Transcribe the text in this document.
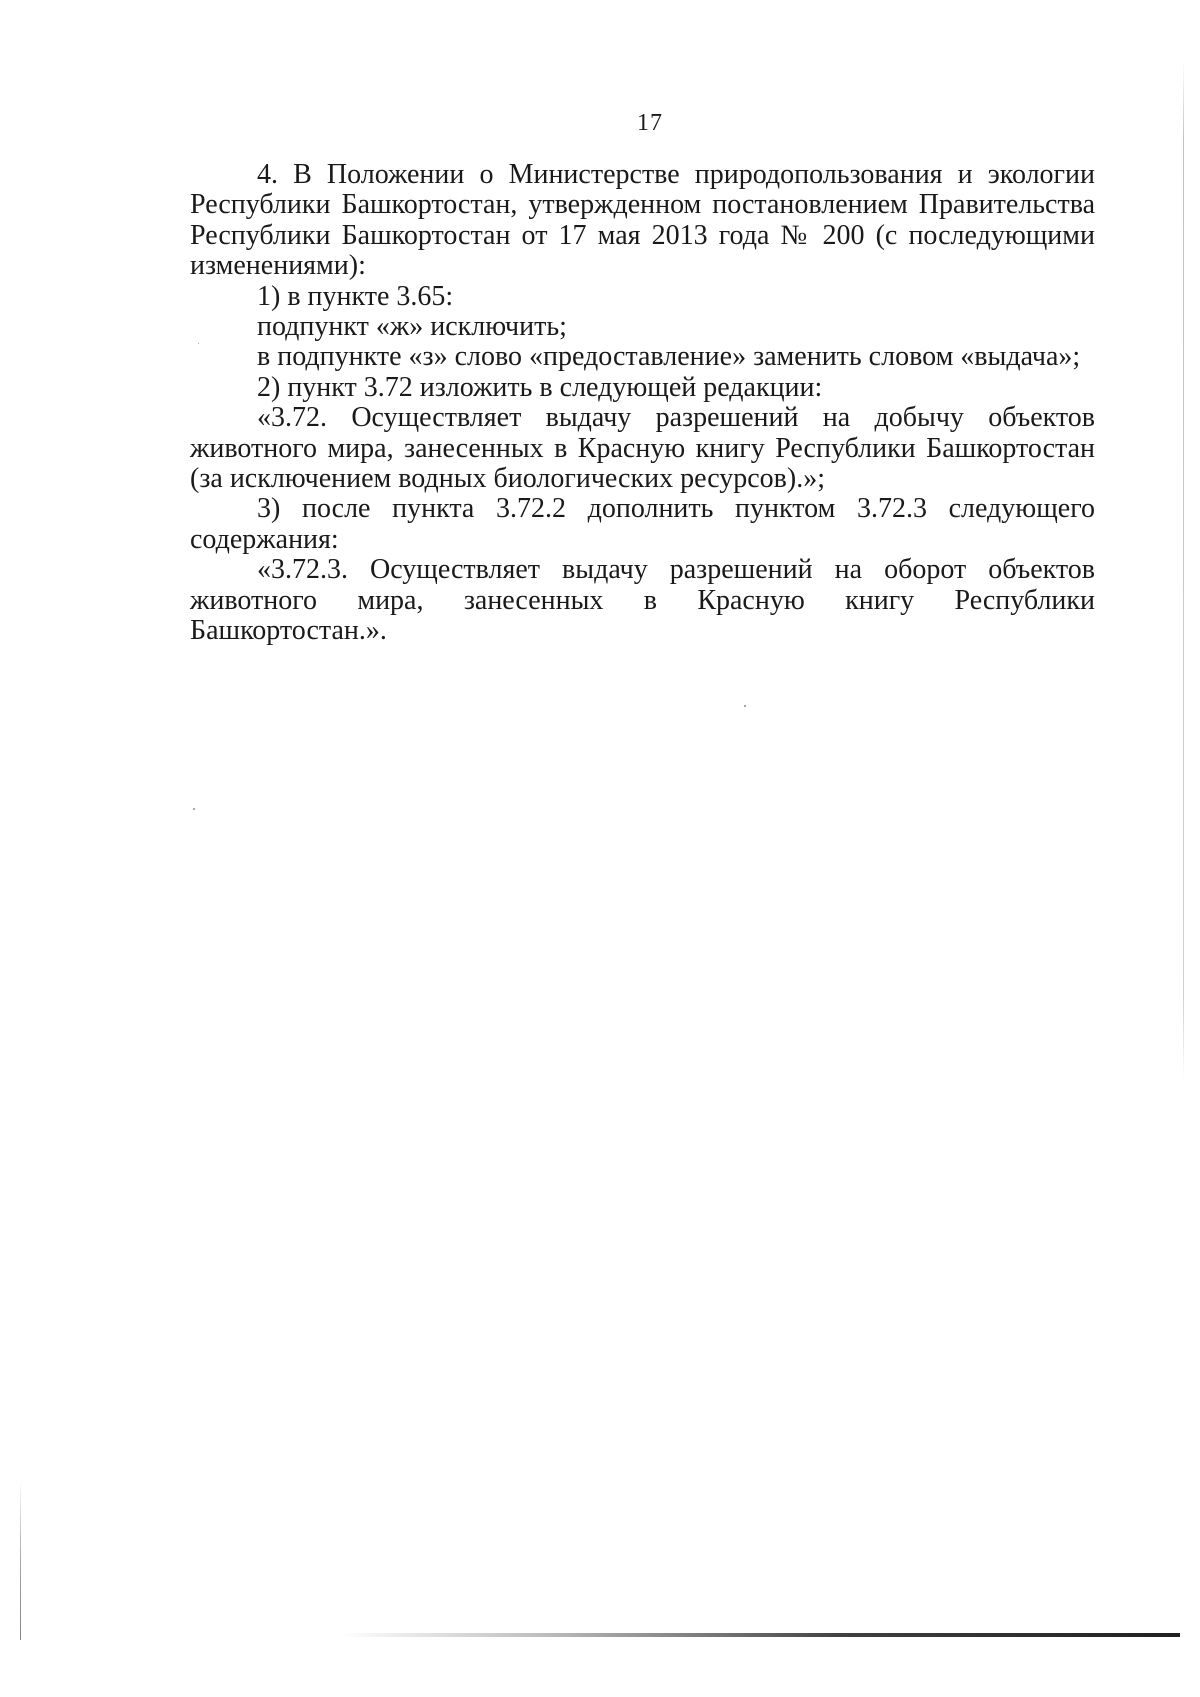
17

4. В Положении о Министерстве природопользования и экологии Республики Башкортостан, утвержденном постановлением Правительства Республики Башкортостан от 17 мая 2013 года № 200 (с последующими изменениями):

1) в пункте 3.65:

подпункт «ж» исключить;

в подпункте «з» слово «предоставление» заменить словом «выдача»;

2) пункт 3.72 изложить в следующей редакции:

«3.72. Осуществляет выдачу разрешений на добычу объектов животного мира, занесенных в Красную книгу Республики Башкортостан (за исключением водных биологических ресурсов).»;

3) после пункта 3.72.2 дополнить пунктом 3.72.3 следующего содержания:

«3.72.3. Осуществляет выдачу разрешений на оборот объектов животного мира, занесенных в Красную книгу Республики Башкортостан.».
